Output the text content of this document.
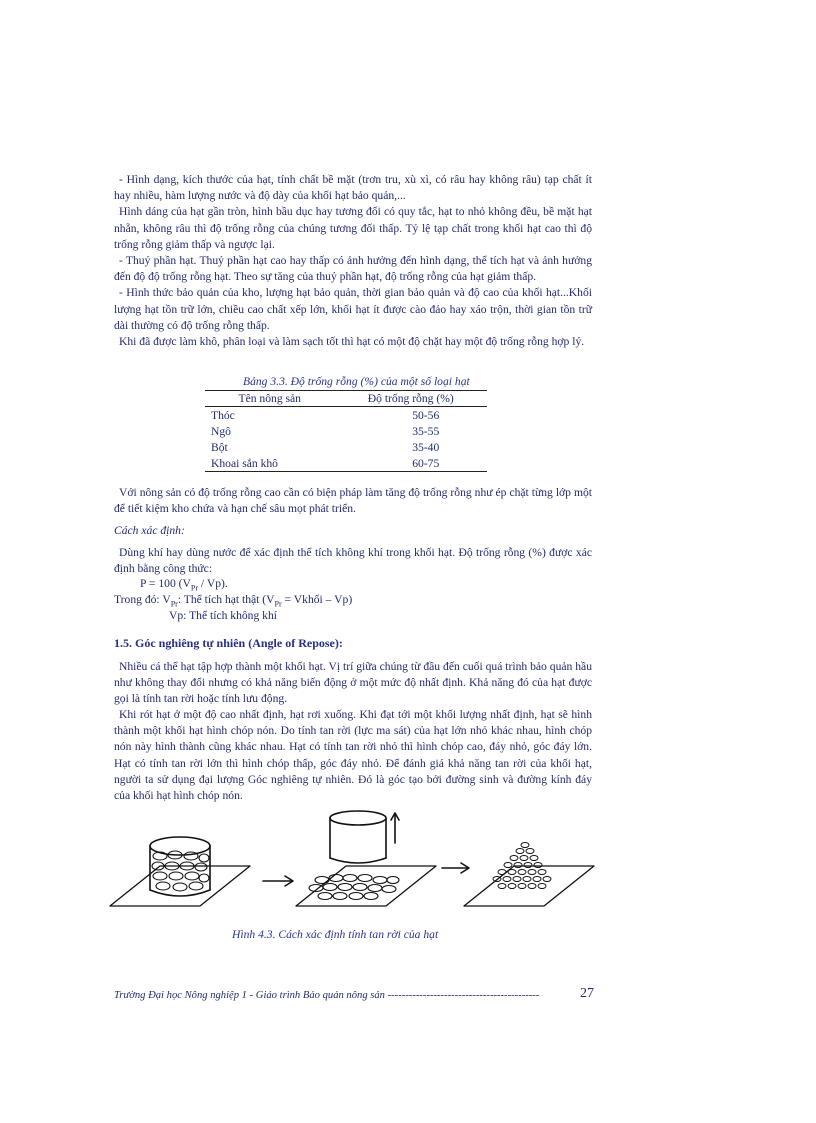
- Hình dạng, kích thước của hạt, tính chất bề mặt (trơn tru, xù xì, có râu hay không râu) tạp chất ít hay nhiều, hàm lượng nước và độ dày của khối hạt bảo quản,...

Hình dáng của hạt gần tròn, hình bầu dục hay tương đối có quy tắc, hạt to nhỏ không đều, bề mặt hạt nhẵn, không râu thì độ trống rỗng của chúng tương đối thấp. Tỷ lệ tạp chất trong khối hạt cao thì độ trống rỗng giảm thấp và ngược lại.

- Thuỷ phần hạt. Thuỷ phần hạt cao hay thấp có ảnh hưởng đến hình dạng, thể tích hạt và ảnh hưởng đến độ độ trống rỗng hạt. Theo sự tăng của thuỷ phần hạt, độ trống rỗng của hạt giảm thấp.

- Hình thức bảo quản của kho, lượng hạt bảo quản, thời gian bảo quản và độ cao của khối hạt...Khối lượng hạt tồn trữ lớn, chiều cao chất xếp lớn, khối hạt ít được cào đảo hay xáo trộn, thời gian tồn trữ dài thường có độ trống rỗng thấp.

Khi đã được làm khô, phân loại và làm sạch tốt thì hạt có một độ chặt hay một độ trống rỗng hợp lý.

Bảng 3.3. Độ trống rỗng (%) của một số loại hạt
Tên nông sản	Độ trống rỗng (%)
Thóc	50-56
Ngô	35-55
Bột	35-40
Khoai sắn khô	60-75

Với nông sản có độ trống rỗng cao cần có biện pháp làm tăng độ trống rỗng như ép chặt từng lớp một để tiết kiệm kho chứa và hạn chế sâu mọt phát triển.

Cách xác định:

Dùng khí hay dùng nước để xác định thể tích không khí trong khối hạt. Độ trống rỗng (%) được xác định bằng công thức:

P = 100 $(V_{Pr} / Vp)$.

Trong đó: $V_{Pr}$: Thể tích hạt thật ($V_{Pr}$ = Vkhối – Vp)

Vp: Thể tích không khí

1.5. Góc nghiêng tự nhiên (Angle of Repose):

Nhiều cá thể hạt tập hợp thành một khối hạt. Vị trí giữa chúng từ đầu đến cuối quá trình bảo quản hầu như không thay đổi nhưng có khả năng biến động ở một mức độ nhất định. Khả năng đó của hạt được gọi là tính tan rời hoặc tính lưu động.

Khi rót hạt ở một độ cao nhất định, hạt rơi xuống. Khi đạt tới một khối lượng nhất định, hạt sẽ hình thành một khối hạt hình chóp nón. Do tính tan rời (lực ma sát) của hạt lớn nhỏ khác nhau, hình chóp nón này hình thành cũng khác nhau. Hạt có tính tan rời nhỏ thì hình chóp cao, đáy nhỏ, góc đáy lớn. Hạt có tính tan rời lớn thì hình chóp thấp, góc đáy nhỏ. Để đánh giá khả năng tan rời của khối hạt, người ta sử dụng đại lượng Góc nghiêng tự nhiên. Đó là góc tạo bởi đường sinh và đường kính đáy của khối hạt hình chóp nón.

Hình 4.3. Cách xác định tính tan rời của hạt
Trường Đại học Nông nghiệp 1 - Giáo trình Bảo quản nông sản -------------------------------------------	27
